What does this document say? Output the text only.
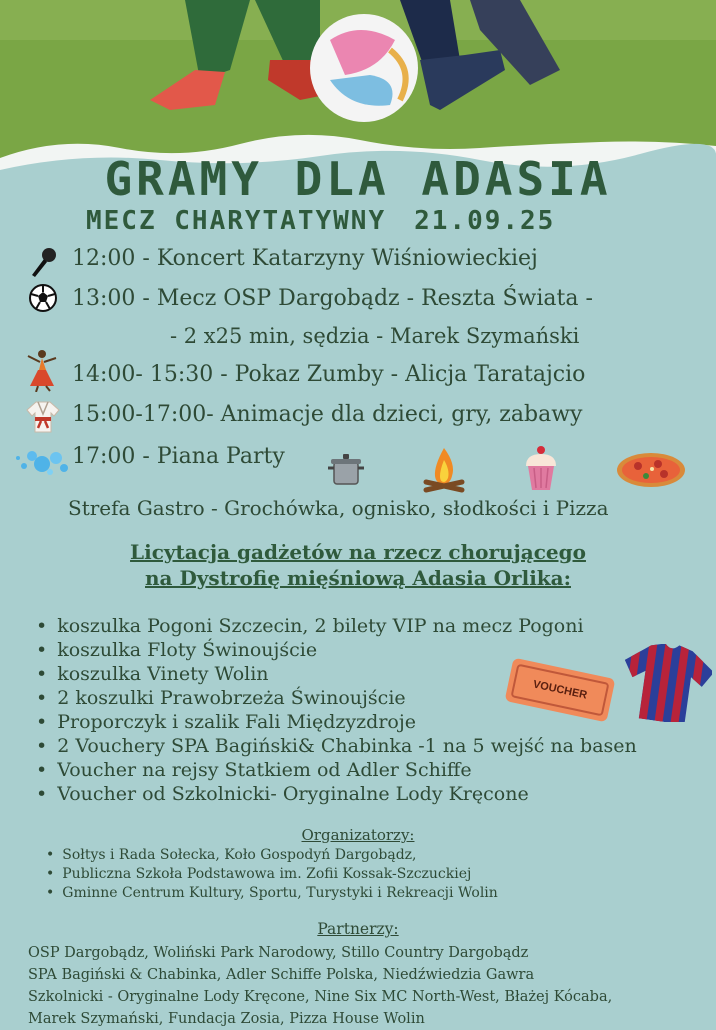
GRAMY DLA ADASIA
MECZ CHARYTATYWNY 21.09.25
12:00 - Koncert Katarzyny Wiśniowieckiej
13:00 - Mecz OSP Dargobądz - Reszta Świata -
- 2 x25 min, sędzia - Marek Szymański
14:00- 15:30 - Pokaz Zumby - Alicja Taratajcio
15:00-17:00- Animacje dla dzieci, gry, zabawy
17:00 - Piana Party
Strefa Gastro - Grochówka, ognisko, słodkości i Pizza
Licytacja gadżetów na rzecz chorującego
na Dystrofię mięśniową Adasia Orlika:
• koszulka Pogoni Szczecin, 2 bilety VIP na mecz Pogoni
• koszulka Floty Świnoujście
• koszulka Vinety Wolin
• 2 koszulki Prawobrzeża Świnoujście
• Proporczyk i szalik Fali Międzyzdroje
• 2 Vouchery SPA Bagiński& Chabinka -1 na 5 wejść na basen
• Voucher na rejsy Statkiem od Adler Schiffe
• Voucher od Szkolnicki- Oryginalne Lody Kręcone
VOUCHER
Organizatorzy:
• Sołtys i Rada Sołecka, Koło Gospodyń Dargobądz,
• Publiczna Szkoła Podstawowa im. Zofii Kossak-Szczuckiej
• Gminne Centrum Kultury, Sportu, Turystyki i Rekreacji Wolin
Partnerzy:
OSP Dargobądz, Woliński Park Narodowy, Stillo Country Dargobądz
SPA Bagiński & Chabinka, Adler Schiffe Polska, Niedźwiedzia Gawra
Szkolnicki - Oryginalne Lody Kręcone, Nine Six MC North-West, Błażej Kócaba,
Marek Szymański, Fundacja Zosia, Pizza House Wolin
